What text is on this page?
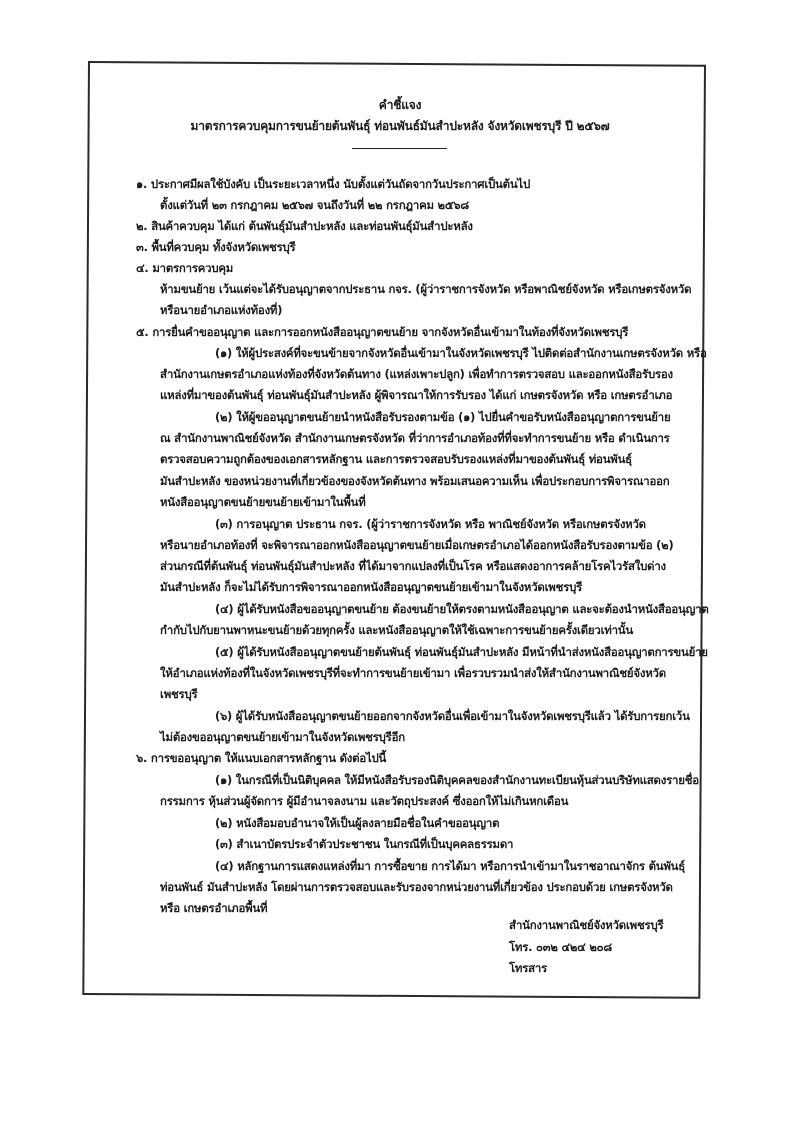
คำชี้แจง
มาตรการควบคุมการขนย้ายต้นพันธุ์ ท่อนพันธ์มันสำปะหลัง จังหวัดเพชรบุรี ปี ๒๕๖๗
๑. ประกาศมีผลใช้บังคับ เป็นระยะเวลาหนึ่ง นับตั้งแต่วันถัดจากวันประกาศเป็นต้นไป
ตั้งแต่วันที่ ๒๓ กรกฎาคม ๒๕๖๗ จนถึงวันที่ ๒๒ กรกฎาคม ๒๕๖๘
๒. สินค้าควบคุม ได้แก่ ต้นพันธุ์มันสำปะหลัง และท่อนพันธุ์มันสำปะหลัง
๓. พื้นที่ควบคุม ทั้งจังหวัดเพชรบุรี
๔. มาตรการควบคุม
ห้ามขนย้าย เว้นแต่จะได้รับอนุญาตจากประธาน กจร. (ผู้ว่าราชการจังหวัด หรือพาณิชย์จังหวัด หรือเกษตรจังหวัด
หรือนายอำเภอแห่งท้องที่)
๕. การยื่นคำขออนุญาต และการออกหนังสืออนุญาตขนย้าย จากจังหวัดอื่นเข้ามาในท้องที่จังหวัดเพชรบุรี
(๑) ให้ผู้ประสงค์ที่จะขนข้ายจากจังหวัดอื่นเข้ามาในจังหวัดเพชรบุรี ไปติดต่อสำนักงานเกษตรจังหวัด หรือ
สำนักงานเกษตรอำเภอแห่งท้องที่จังหวัดต้นทาง (แหล่งเพาะปลูก) เพื่อทำการตรวจสอบ และออกหนังสือรับรอง
แหล่งที่มาของต้นพันธุ์ ท่อนพันธุ์มันสำปะหลัง ผู้พิจารณาให้การรับรอง ได้แก่ เกษตรจังหวัด หรือ เกษตรอำเภอ
(๒) ให้ผู้ขออนุญาตขนย้ายนำหนังสือรับรองตามข้อ (๑) ไปยื่นคำขอรับหนังสืออนุญาตการขนย้าย
ณ สำนักงานพาณิชย์จังหวัด สำนักงานเกษตรจังหวัด ที่ว่าการอำเภอท้องที่ที่จะทำการขนย้าย หรือ ดำเนินการ
ตรวจสอบความถูกต้องของเอกสารหลักฐาน และการตรวจสอบรับรองแหล่งที่มาของต้นพันธุ์ ท่อนพันธุ์
มันสำปะหลัง ของหน่วยงานที่เกี่ยวข้องของจังหวัดต้นทาง พร้อมเสนอความเห็น เพื่อประกอบการพิจารณาออก
หนังสืออนุญาตขนย้ายขนย้ายเข้ามาในพื้นที่
(๓) การอนุญาต ประธาน กจร. (ผู้ว่าราชการจังหวัด หรือ พาณิชย์จังหวัด หรือเกษตรจังหวัด
หรือนายอำเภอท้องที่ จะพิจารณาออกหนังสืออนุญาตขนย้ายเมื่อเกษตรอำเภอได้ออกหนังสือรับรองตามข้อ (๒)
ส่วนกรณีที่ต้นพันธุ์ ท่อนพันธุ์มันสำปะหลัง ที่ได้มาจากแปลงที่เป็นโรค หรือแสดงอาการคล้ายโรคไวรัสใบด่าง
มันสำปะหลัง ก็จะไม่ได้รับการพิจารณาออกหนังสืออนุญาตขนย้ายเข้ามาในจังหวัดเพชรบุรี
(๔) ผู้ได้รับหนังสือขออนุญาตขนย้าย ต้องขนย้ายให้ตรงตามหนังสืออนุญาต และจะต้องนำหนังสืออนุญาต
กำกับไปกับยานพาหนะขนย้ายด้วยทุกครั้ง และหนังสืออนุญาตให้ใช้เฉพาะการขนย้ายครั้งเดียวเท่านั้น
(๕) ผู้ได้รับหนังสืออนุญาตขนย้ายต้นพันธุ์ ท่อนพันธุ์มันสำปะหลัง มีหน้าที่นำส่งหนังสืออนุญาตการขนย้าย
ให้อำเภอแห่งท้องที่ในจังหวัดเพชรบุรีที่จะทำการขนย้ายเข้ามา เพื่อรวบรวมนำส่งให้สำนักงานพาณิชย์จังหวัด
เพชรบุรี
(๖) ผู้ได้รับหนังสืออนุญาตขนย้ายออกจากจังหวัดอื่นเพื่อเข้ามาในจังหวัดเพชรบุรีแล้ว ได้รับการยกเว้น
ไม่ต้องขออนุญาตขนย้ายเข้ามาในจังหวัดเพชรบุรีอีก
๖. การขออนุญาต ให้แนบเอกสารหลักฐาน ดังต่อไปนี้
(๑) ในกรณีที่เป็นนิติบุคคล ให้มีหนังสือรับรองนิติบุคคลของสำนักงานทะเบียนหุ้นส่วนบริษัทแสดงรายชื่อ
กรรมการ หุ้นส่วนผู้จัดการ ผู้มีอำนาจลงนาม และวัตถุประสงค์ ซึ่งออกให้ไม่เกินหกเดือน
(๒) หนังสือมอบอำนาจให้เป็นผู้ลงลายมือชื่อในคำขออนุญาต
(๓) สำเนาบัตรประจำตัวประชาชน ในกรณีที่เป็นบุคคลธรรมดา
(๔) หลักฐานการแสดงแหล่งที่มา การซื้อขาย การได้มา หรือการนำเข้ามาในราชอาณาจักร ต้นพันธุ์
ท่อนพันธ์ มันสำปะหลัง โดยผ่านการตรวจสอบและรับรองจากหน่วยงานที่เกี่ยวข้อง ประกอบด้วย เกษตรจังหวัด
หรือ เกษตรอำเภอพื้นที่
สำนักงานพาณิชย์จังหวัดเพชรบุรี
โทร. ๐๓๒ ๔๒๔ ๒๐๘
โทรสาร
